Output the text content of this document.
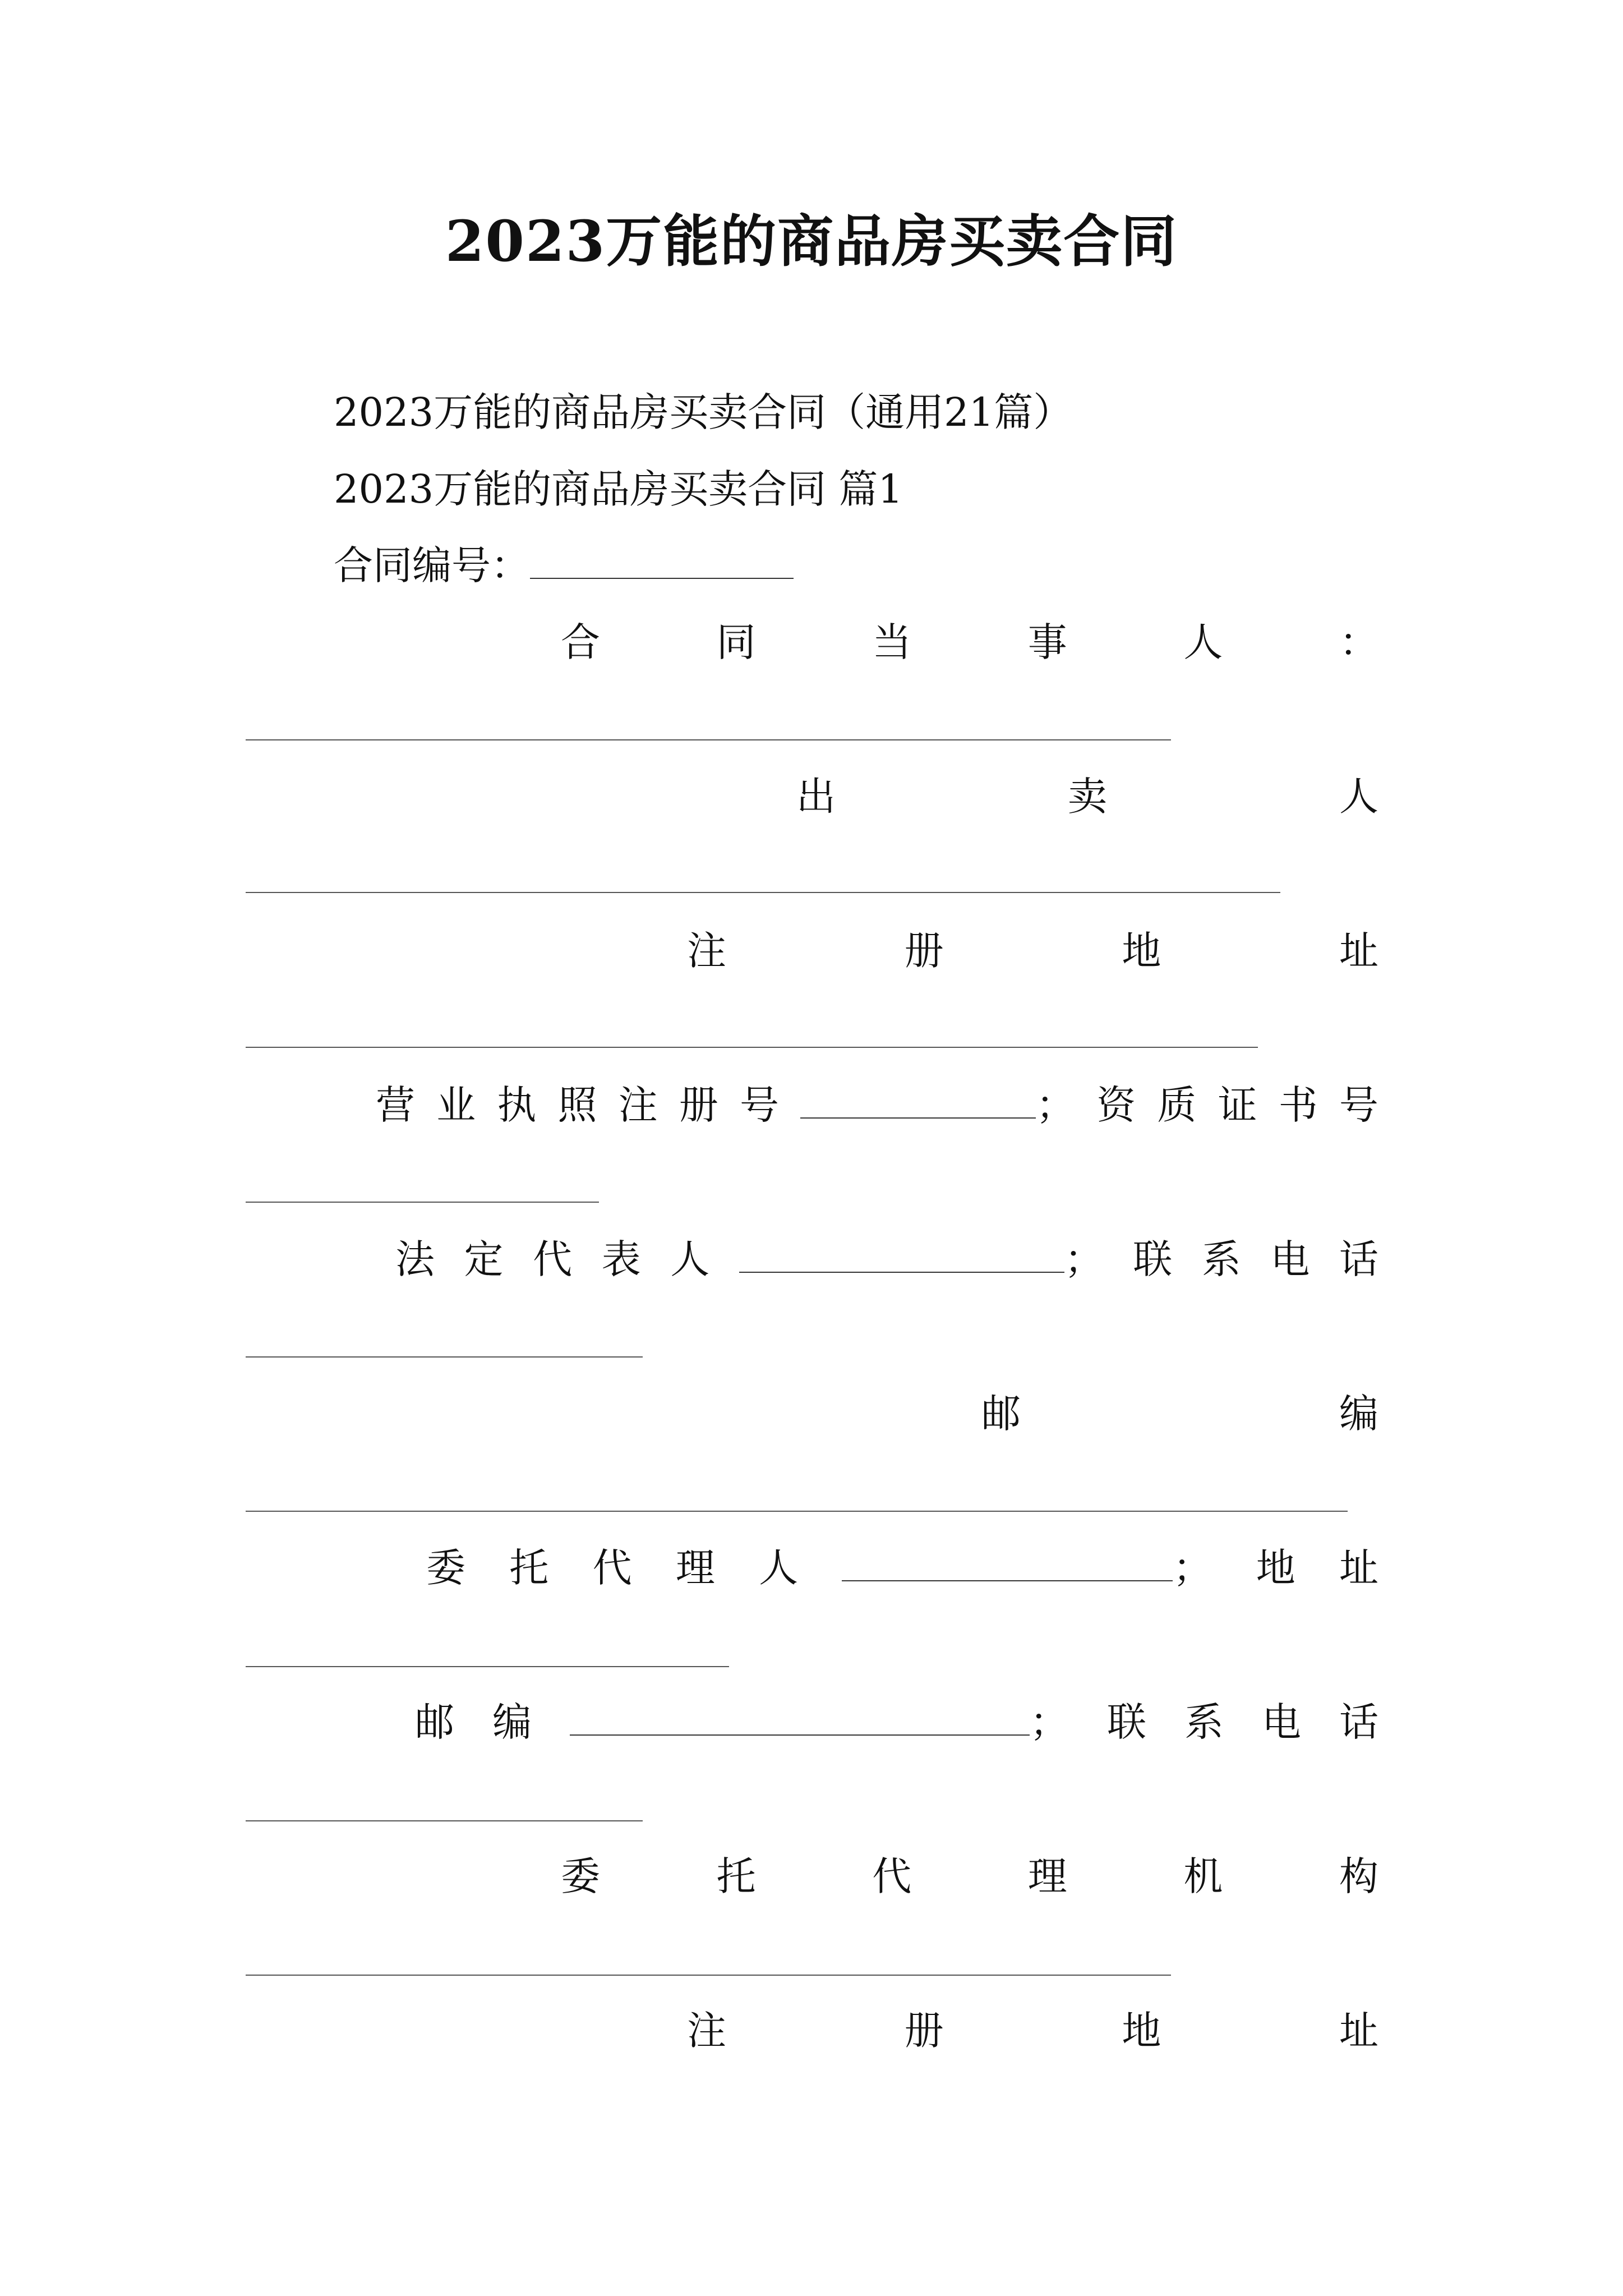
2023万能的商品房买卖合同

2023万能的商品房买卖合同（通用21篇）

2023万能的商品房买卖合同 篇1

合同编号：
合	同	当	事	人	：
出	卖	人
注	册	地	址
营 业 执 照 注 册 号	； 资 质 证 书 号
法 定 代 表 人	； 联 系 电 话
邮	编
委 托 代 理 人	； 地 址
邮 编	； 联 系 电 话
委	托	代	理	机	构
注	册	地	址
